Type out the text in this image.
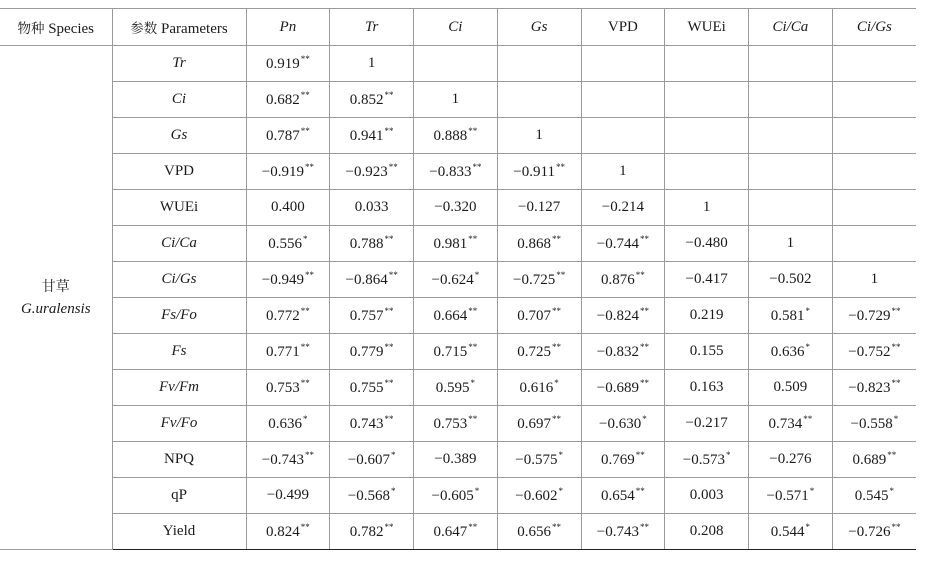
物种 Species	参数 Parameters	Pn	Tr	Ci	Gs	VPD	WUEi	Ci/Ca	Ci/Gs

甘草
G.uralensis	Tr	0.919**	1						
	Ci	0.682**	0.852**	1					
	Gs	0.787**	0.941**	0.888**	1				
	VPD	−0.919**	−0.923**	−0.833**	−0.911**	1			
	WUEi	0.400	0.033	−0.320	−0.127	−0.214	1		
	Ci/Ca	0.556*	0.788**	0.981**	0.868**	−0.744**	−0.480	1	
	Ci/Gs	−0.949**	−0.864**	−0.624*	−0.725**	0.876**	−0.417	−0.502	1
	Fs/Fo	0.772**	0.757**	0.664**	0.707**	−0.824**	0.219	0.581*	−0.729**
	Fs	0.771**	0.779**	0.715**	0.725**	−0.832**	0.155	0.636*	−0.752**
	Fv/Fm	0.753**	0.755**	0.595*	0.616*	−0.689**	0.163	0.509	−0.823**
	Fv/Fo	0.636*	0.743**	0.753**	0.697**	−0.630*	−0.217	0.734**	−0.558*
	NPQ	−0.743**	−0.607*	−0.389	−0.575*	0.769**	−0.573*	−0.276	0.689**
	qP	−0.499	−0.568*	−0.605*	−0.602*	0.654**	0.003	−0.571*	0.545*
	Yield	0.824**	0.782**	0.647**	0.656**	−0.743**	0.208	0.544*	−0.726**
